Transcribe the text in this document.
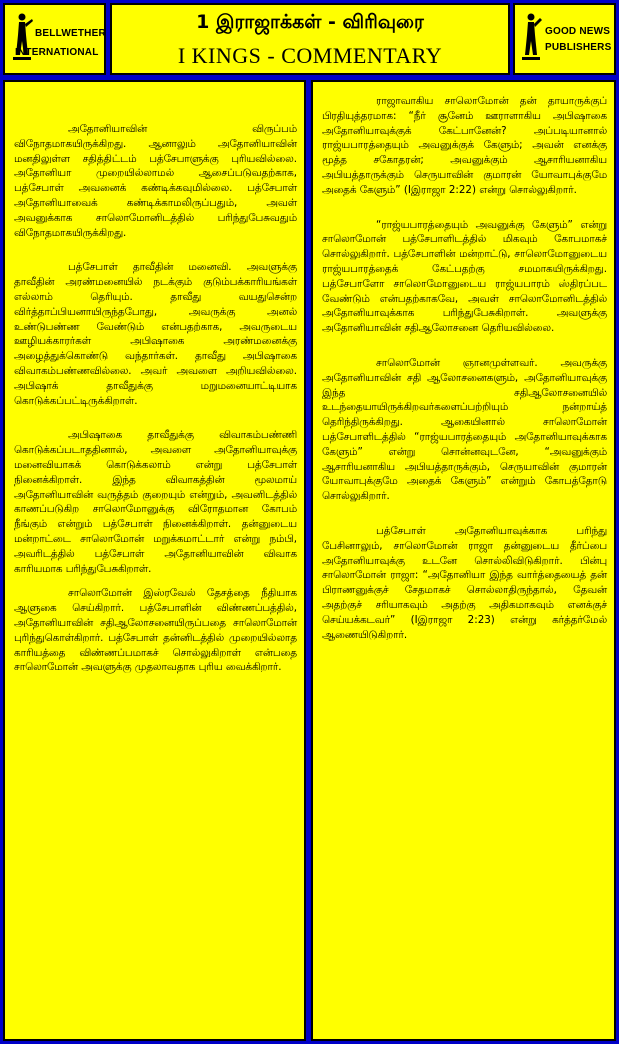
BELLWETHER
INTERNATIONAL
1 இராஜாக்கள் - விரிவுரை
I KINGS - COMMENTARY
GOOD NEWS
PUBLISHERS

அதோனியாவின் விருப்பம் விநோதமாகயிருக்கிறது. ஆனாலும் அதோனியாவின் மனதிலுள்ள சதித்திட்டம் பத்சேபாளுக்கு புரியவில்லை. அதோனியா முறையில்லாமல் ஆசைப்படுவதற்காக, பத்சேபாள் அவனைக் கண்டிக்கவுமில்லை. பத்சேபாள் அதோனியாவைக் கண்டிக்காமலிருப்பதும், அவள் அவனுக்காக சாலொமோனிடத்தில் பரிந்துபேசுவதும் விநோதமாகயிருக்கிறது.

பத்சேபாள் தாவீதின் மனைவி. அவளுக்கு தாவீதின் அரண்மனையில் நடக்கும் குடும்பக்காரியங்கள் எல்லாம் தெரியும். தாவீது வயதுசென்ற விர்த்தாப்பியனாயிருந்தபோது, அவருக்கு அனல் உண்டுபண்ண வேண்டும் என்பதற்காக, அவருடைய ஊழியக்காரர்கள் அபிஷாகை அரண்மனைக்கு அழைத்துக்கொண்டு வந்தார்கள். தாவீது அபிஷாகை விவாகம்பண்ணவில்லை. அவர் அவளை அறியவில்லை. அபிஷாக் தாவீதுக்கு மறுமனையாட்டியாக கொடுக்கப்பட்டிருக்கிறாள்.

அபிஷாகை தாவீதுக்கு விவாகம்பண்ணி கொடுக்கப்படாததினால், அவளை அதோனியாவுக்கு மனைவியாகக் கொடுக்கலாம் என்று பத்சேபாள் நினைக்கிறாள். இந்த விவாகத்தின் மூலமாய் அதோனியாவின் வருத்தம் குறையும் என்றும், அவனிடத்தில் காணப்படுகிற சாலொமோனுக்கு விரோதமான கோபம் நீங்கும் என்றும் பத்சேபாள் நினைக்கிறாள். தன்னுடைய மன்றாட்டை சாலொமோன் மறுக்கமாட்டார் என்று நம்பி, அவரிடத்தில் பத்சேபாள் அதோனியாவின் விவாக காரியமாக பரிந்துபேசுகிறாள்.

சாலொமோன் இஸ்ரவேல் தேசத்தை நீதியாக ஆளுகை செய்கிறார். பத்சேபாளின் விண்ணப்பத்தில், அதோனியாவின் சதிஆலோசனையிருப்பதை சாலொமோன் புரிந்துகொள்கிறார். பத்சேபாள் தன்னிடத்தில் முறையில்லாத காரியத்தை விண்ணப்பமாகச் சொல்லுகிறாள் என்பதை சாலொமோன் அவளுக்கு முதலாவதாக புரிய வைக்கிறார்.

ராஜாவாகிய சாலொமோன் தன் தாயாருக்குப் பிரதியுத்தரமாக: “நீர் சூனேம் ஊராளாகிய அபிஷாகை அதோனியாவுக்குக் கேட்பானேன்? அப்படியானால் ராஜ்யபாரத்தையும் அவனுக்குக் கேளும்; அவன் எனக்கு மூத்த சகோதரன்; அவனுக்கும் ஆசாரியனாகிய அபியத்தாருக்கும் செருயாவின் குமாரன் யோவாபுக்குமே அதைக் கேளும்” (Iஇராஜா 2:22) என்று சொல்லுகிறார்.

“ராஜ்யபாரத்தையும் அவனுக்கு கேளும்” என்று சாலொமோன் பத்சேபாளிடத்தில் மிகவும் கோபமாகச் சொல்லுகிறார். பத்சேபாளின் மன்றாட்டு, சாலொமோனுடைய ராஜ்யபாரத்தைக் கேட்பதற்கு சமமாகயிருக்கிறது. பத்சேபாளோ சாலொமோனுடைய ராஜ்யபாரம் ஸ்திரப்பட வேண்டும் என்பதற்காகவே, அவள் சாலொமோனிடத்தில் அதோனியாவுக்காக பரிந்துபேசுகிறாள். அவளுக்கு அதோனியாவின் சதிஆலோசனை தெரியவில்லை.

சாலொமோன் ஞானமுள்ளவர். அவருக்கு அதோனியாவின் சதி ஆலோசனைகளும், அதோனியாவுக்கு இந்த சதிஆலோசனையில் உடந்தையாயிருக்கிறவர்களைப்பற்றியும் நன்றாய்த் தெரிந்திருக்கிறது. ஆகையினால் சாலொமோன் பத்சேபாளிடத்தில் “ராஜ்யபாரத்தையும் அதோனியாவுக்காக கேளும்” என்று சொன்னவுடனே, “அவனுக்கும் ஆசாரியனாகிய அபியத்தாருக்கும், செருயாவின் குமாரன் யோவாபுக்குமே அதைக் கேளும்” என்றும் கோபத்தோடு சொல்லுகிறார்.

பத்சேபாள் அதோனியாவுக்காக பரிந்து பேசினாலும், சாலொமோன் ராஜா தன்னுடைய தீர்ப்பை அதோனியாவுக்கு உடனே சொல்லிவிடுகிறார். பின்பு சாலொமோன் ராஜா: “அதோனியா இந்த வார்த்தையைத் தன் பிராணனுக்குச் சேதமாகச் சொல்லாதிருந்தால், தேவன் அதற்குச் சரியாகவும் அதற்கு அதிகமாகவும் எனக்குச் செய்யக்கடவர்” (Iஇராஜா 2:23) என்று கர்த்தர்மேல் ஆணையிடுகிறார்.
